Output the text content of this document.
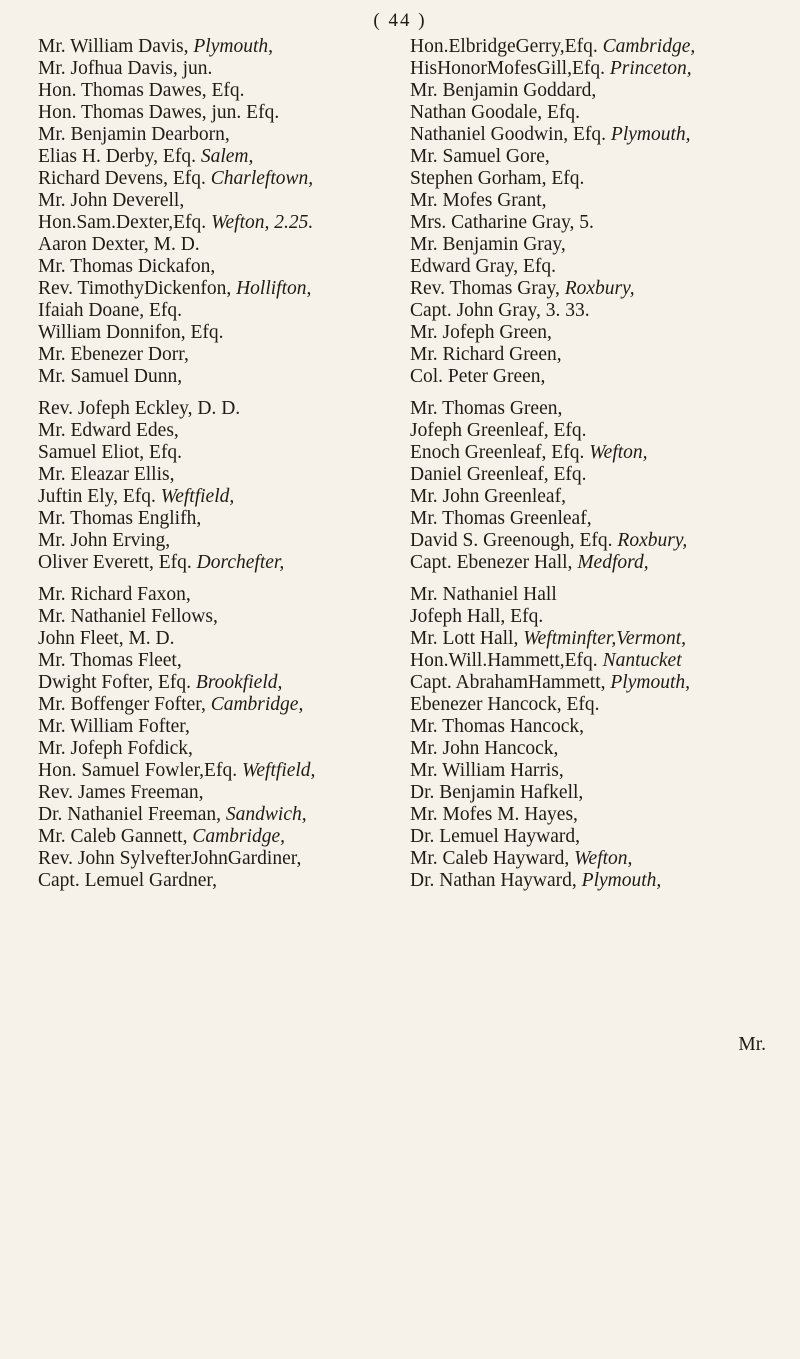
( 44 )
Mr. William Davis, Plymouth,
Mr. Jofhua Davis, jun.
Hon. Thomas Dawes, Efq.
Hon. Thomas Dawes, jun. Efq.
Mr. Benjamin Dearborn,
Elias H. Derby, Efq. Salem,
Richard Devens, Efq. Charleftown,
Mr. John Deverell,
Hon.Sam.Dexter,Efq. Wefton, 2.25.
Aaron Dexter, M. D.
Mr. Thomas Dickafon,
Rev. TimothyDickenfon, Hollifton,
Ifaiah Doane, Efq.
William Donnifon, Efq.
Mr. Ebenezer Dorr,
Mr. Samuel Dunn,
Rev. Jofeph Eckley, D. D.
Mr. Edward Edes,
Samuel Eliot, Efq.
Mr. Eleazar Ellis,
Juftin Ely, Efq. Weftfield,
Mr. Thomas Englifh,
Mr. John Erving,
Oliver Everett, Efq. Dorchefter,
Mr. Richard Faxon,
Mr. Nathaniel Fellows,
John Fleet, M. D.
Mr. Thomas Fleet,
Dwight Fofter, Efq. Brookfield,
Mr. Boffenger Fofter, Cambridge,
Mr. William Fofter,
Mr. Jofeph Fofdick,
Hon. Samuel Fowler,Efq. Weftfield,
Rev. James Freeman,
Dr. Nathaniel Freeman, Sandwich,
Mr. Caleb Gannett, Cambridge,
Rev. John SylvefterJohnGardiner,
Capt. Lemuel Gardner,
Hon.ElbridgeGerry,Efq. Cambridge,
HisHonorMofesGill,Efq. Princeton,
Mr. Benjamin Goddard,
Nathan Goodale, Efq.
Nathaniel Goodwin, Efq. Plymouth,
Mr. Samuel Gore,
Stephen Gorham, Efq.
Mr. Mofes Grant,
Mrs. Catharine Gray, 5.
Mr. Benjamin Gray,
Edward Gray, Efq.
Rev. Thomas Gray, Roxbury,
Capt. John Gray, 3. 33.
Mr. Jofeph Green,
Mr. Richard Green,
Col. Peter Green,
Mr. Thomas Green,
Jofeph Greenleaf, Efq.
Enoch Greenleaf, Efq. Wefton,
Daniel Greenleaf, Efq.
Mr. John Greenleaf,
Mr. Thomas Greenleaf,
David S. Greenough, Efq. Roxbury,
Capt. Ebenezer Hall, Medford,
Mr. Nathaniel Hall
Jofeph Hall, Efq.
Mr. Lott Hall, Weftminfter,Vermont,
Hon.Will.Hammett,Efq. Nantucket
Capt. AbrahamHammett, Plymouth,
Ebenezer Hancock, Efq.
Mr. Thomas Hancock,
Mr. John Hancock,
Mr. William Harris,
Dr. Benjamin Hafkell,
Mr. Mofes M. Hayes,
Dr. Lemuel Hayward,
Mr. Caleb Hayward, Wefton,
Dr. Nathan Hayward, Plymouth,
Mr.
